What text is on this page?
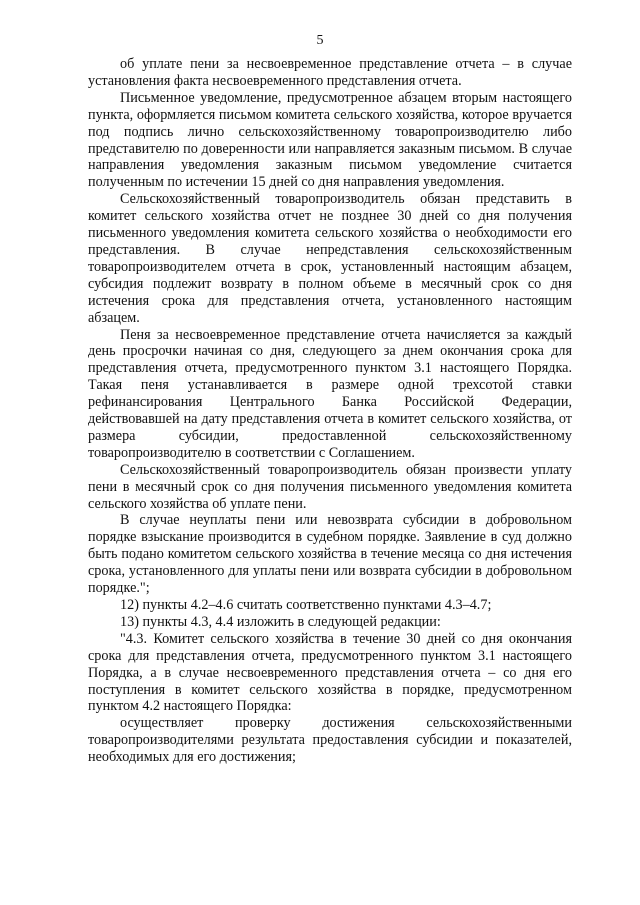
5

об уплате пени за несвоевременное представление отчета – в случае установления факта несвоевременного представления отчета.

Письменное уведомление, предусмотренное абзацем вторым настоящего пункта, оформляется письмом комитета сельского хозяйства, которое вручается под подпись лично сельскохозяйственному товаропроизводителю либо представителю по доверенности или направляется заказным письмом. В случае направления уведомления заказным письмом уведомление считается полученным по истечении 15 дней со дня направления уведомления.

Сельскохозяйственный товаропроизводитель обязан представить в комитет сельского хозяйства отчет не позднее 30 дней со дня получения письменного уведомления комитета сельского хозяйства о необходимости его представления. В случае непредставления сельскохозяйственным товаропроизводителем отчета в срок, установленный настоящим абзацем, субсидия подлежит возврату в полном объеме в месячный срок со дня истечения срока для представления отчета, установленного настоящим абзацем.

Пеня за несвоевременное представление отчета начисляется за каждый день просрочки начиная со дня, следующего за днем окончания срока для представления отчета, предусмотренного пунктом 3.1 настоящего Порядка. Такая пеня устанавливается в размере одной трехсотой ставки рефинансирования Центрального Банка Российской Федерации, действовавшей на дату представления отчета в комитет сельского хозяйства, от размера субсидии, предоставленной сельскохозяйственному товаропроизводителю в соответствии с Соглашением.

Сельскохозяйственный товаропроизводитель обязан произвести уплату пени в месячный срок со дня получения письменного уведомления комитета сельского хозяйства об уплате пени.

В случае неуплаты пени или невозврата субсидии в добровольном порядке взыскание производится в судебном порядке. Заявление в суд должно быть подано комитетом сельского хозяйства в течение месяца со дня истечения срока, установленного для уплаты пени или возврата субсидии в добровольном порядке.";

12) пункты 4.2–4.6 считать соответственно пунктами 4.3–4.7;

13) пункты 4.3, 4.4 изложить в следующей редакции:

"4.3. Комитет сельского хозяйства в течение 30 дней со дня окончания срока для представления отчета, предусмотренного пунктом 3.1 настоящего Порядка, а в случае несвоевременного представления отчета – со дня его поступления в комитет сельского хозяйства в порядке, предусмотренном пунктом 4.2 настоящего Порядка:

осуществляет проверку достижения сельскохозяйственными товаропроизводителями результата предоставления субсидии и показателей, необходимых для его достижения;
